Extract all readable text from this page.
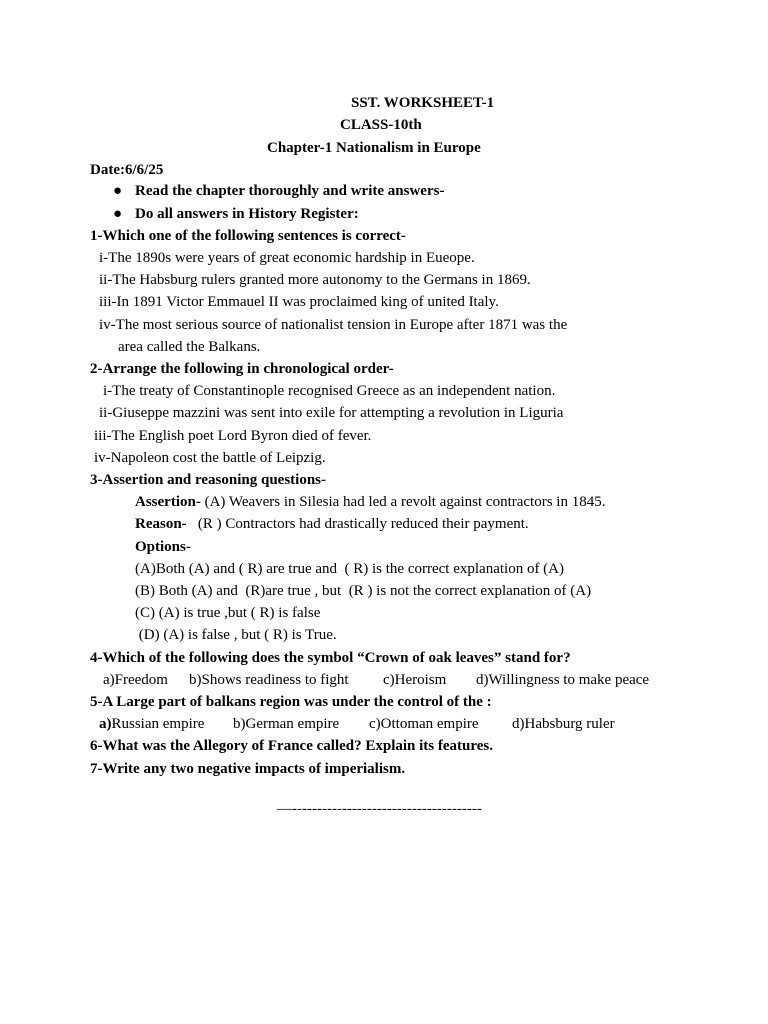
SST. WORKSHEET-1
CLASS-10th
Chapter-1 Nationalism in Europe
Date:6/6/25
● Read the chapter thoroughly and write answers-
● Do all answers in History Register:
1-Which one of the following sentences is correct-
i-The 1890s were years of great economic hardship in Eueope.
ii-The Habsburg rulers granted more autonomy to the Germans in 1869.
iii-In 1891 Victor Emmauel II was proclaimed king of united Italy.
iv-The most serious source of nationalist tension in Europe after 1871 was the
area called the Balkans.
2-Arrange the following in chronological order-
i-The treaty of Constantinople recognised Greece as an independent nation.
ii-Giuseppe mazzini was sent into exile for attempting a revolution in Liguria
iii-The English poet Lord Byron died of fever.
iv-Napoleon cost the battle of Leipzig.
3-Assertion and reasoning questions-
Assertion- (A) Weavers in Silesia had led a revolt against contractors in 1845.
Reason-   (R ) Contractors had drastically reduced their payment.
Options-
(A)Both (A) and ( R) are true and  ( R) is the correct explanation of (A)
(B) Both (A) and  (R)are true , but  (R ) is not the correct explanation of (A)
(C) (A) is true ,but ( R) is false
(D) (A) is false , but ( R) is True.
4-Which of the following does the symbol “Crown of oak leaves” stand for?
a)Freedom b)Shows readiness to fight c)Heroism d)Willingness to make peace
5-A Large part of balkans region was under the control of the :
a)Russian empire b)German empire c)Ottoman empire d)Habsburg ruler
6-What was the Allegory of France called? Explain its features.
7-Write any two negative impacts of imperialism.
—--------------------------------------
